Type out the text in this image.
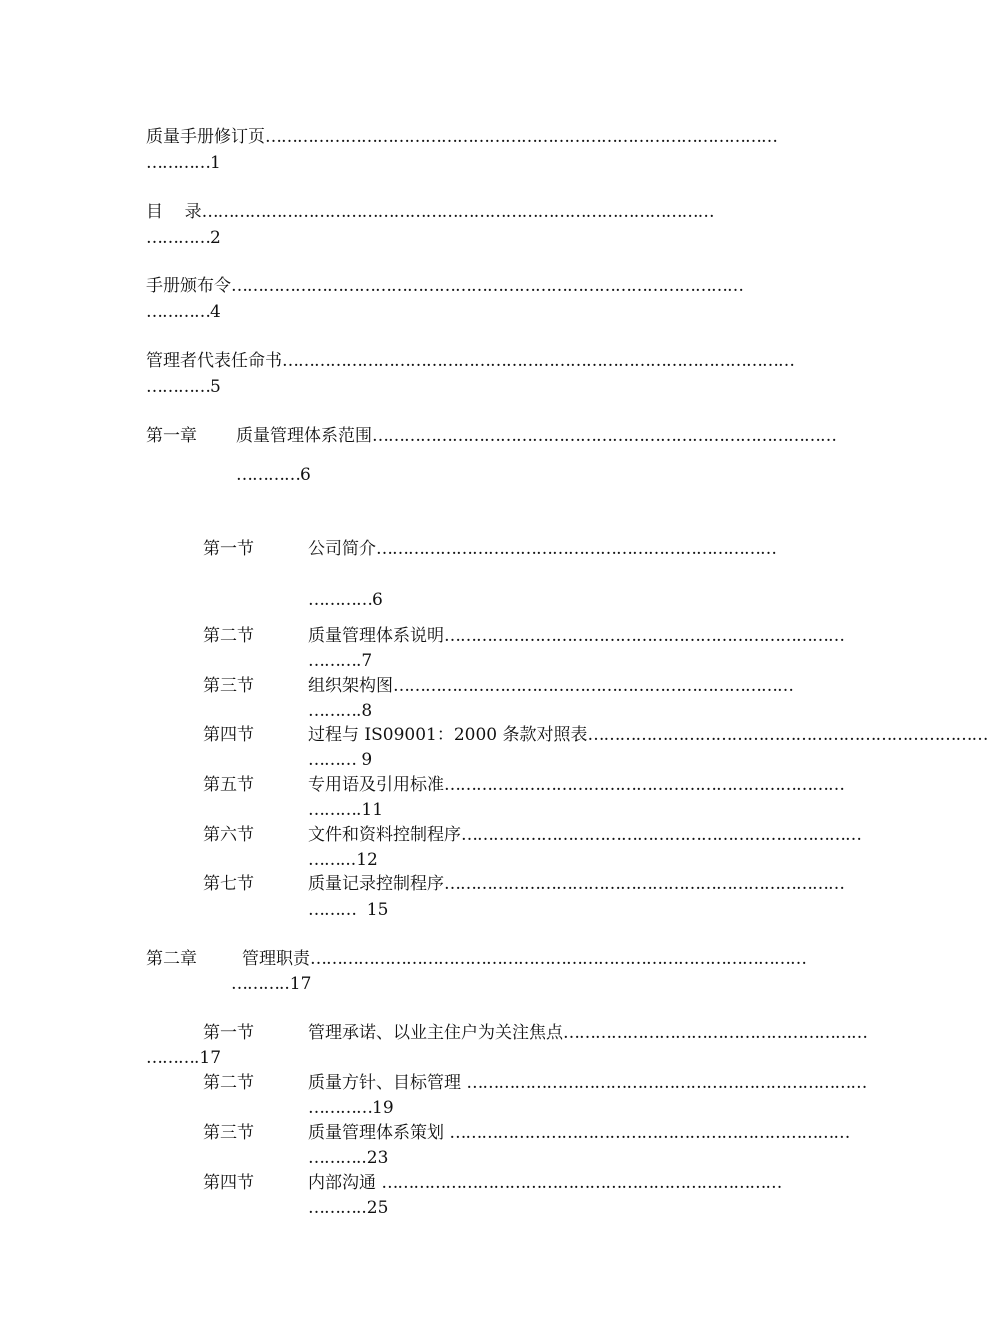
质量手册修订页……………………………………………………………………………………
…………1
目    录……………………………………………………………………………………
…………2
手册颁布令……………………………………………………………………………………
…………4
管理者代表任命书……………………………………………………………………………………
…………5
第一章	质量管理体系范围……………………………………………………………………………
…………6
第一节	公司简介…………………………………………………………………
…………6
第二节	质量管理体系说明…………………………………………………………………
……….7
第三节	组织架构图…………………………………………………………………
……….8
第四节	过程与 IS09001：2000 条款对照表…………………………………………………………………
……… 9
第五节	专用语及引用标准…………………………………………………………………
……….11
第六节	文件和资料控制程序…………………………………………………………………
……...12
第七节	质量记录控制程序…………………………………………………………………
………  15
第二章	管理职责…………………………………………………………………………………
………..17
第一节	管理承诺、以业主住户为关注焦点…………………………………………………
……….17
第二节	质量方针、目标管理 …………………………………………………………………
…………19
第三节	质量管理体系策划 …………………………………………………………………
………..23
第四节	内部沟通 …………………………………………………………………
………..25
